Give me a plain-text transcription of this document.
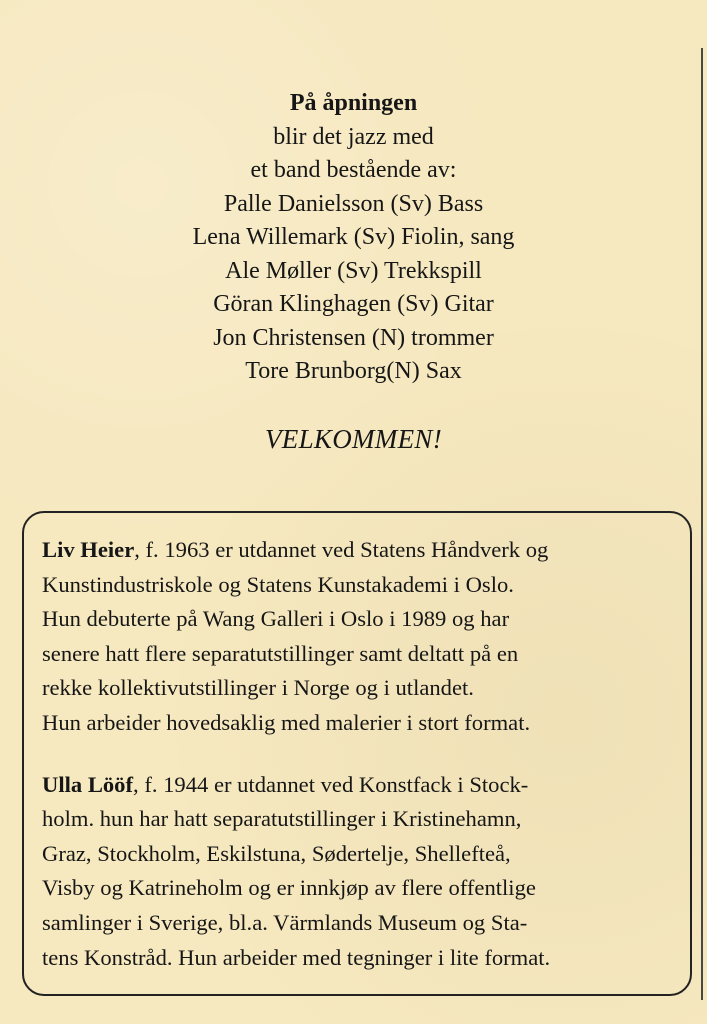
På åpningen
blir det jazz med
et band bestående av:
Palle Danielsson (Sv) Bass
Lena Willemark (Sv) Fiolin, sang
Ale Møller (Sv) Trekkspill
Göran Klinghagen (Sv) Gitar
Jon Christensen (N) trommer
Tore Brunborg(N) Sax
VELKOMMEN!
Liv Heier, f. 1963 er utdannet ved Statens Håndverk og
Kunstindustriskole og Statens Kunstakademi i Oslo.
Hun debuterte på Wang Galleri i Oslo i 1989 og har
senere hatt flere separatutstillinger samt deltatt på en
rekke kollektivutstillinger i Norge og i utlandet.
Hun arbeider hovedsaklig med malerier i stort format.
Ulla Lööf, f. 1944 er utdannet ved Konstfack i Stock-
holm. hun har hatt separatutstillinger i Kristinehamn,
Graz, Stockholm, Eskilstuna, Sødertelje, Shellefteå,
Visby og Katrineholm og er innkjøp av flere offentlige
samlinger i Sverige, bl.a. Värmlands Museum og Sta-
tens Konstråd. Hun arbeider med tegninger i lite format.
